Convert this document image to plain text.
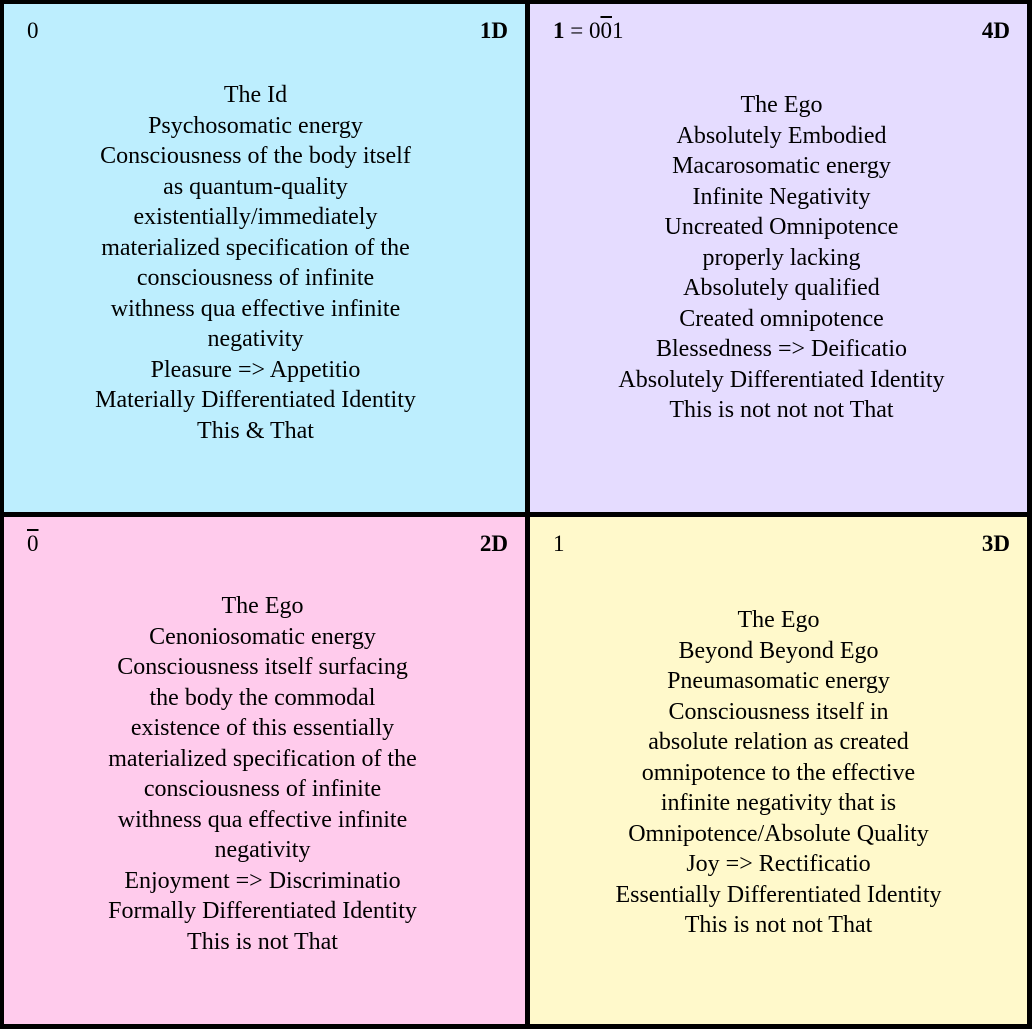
0	1D
The Id
Psychosomatic energy
Consciousness of the body itself
as quantum-quality
existentially/immediately
materialized specification of the
consciousness of infinite
withness qua effective infinite
negativity
Pleasure => Appetitio
Materially Differentiated Identity
This & That
1 = 001	4D
The Ego
Absolutely Embodied
Macarosomatic energy
Infinite Negativity
Uncreated Omnipotence
properly lacking
Absolutely qualified
Created omnipotence
Blessedness => Deificatio
Absolutely Differentiated Identity
This is not not not That
0	2D
The Ego
Cenoniosomatic energy
Consciousness itself surfacing
the body the commodal
existence of this essentially
materialized specification of the
consciousness of infinite
withness qua effective infinite
negativity
Enjoyment => Discriminatio
Formally Differentiated Identity
This is not That
1	3D
The Ego
Beyond Beyond Ego
Pneumasomatic energy
Consciousness itself in
absolute relation as created
omnipotence to the effective
infinite negativity that is
Omnipotence/Absolute Quality
Joy => Rectificatio
Essentially Differentiated Identity
This is not not That
